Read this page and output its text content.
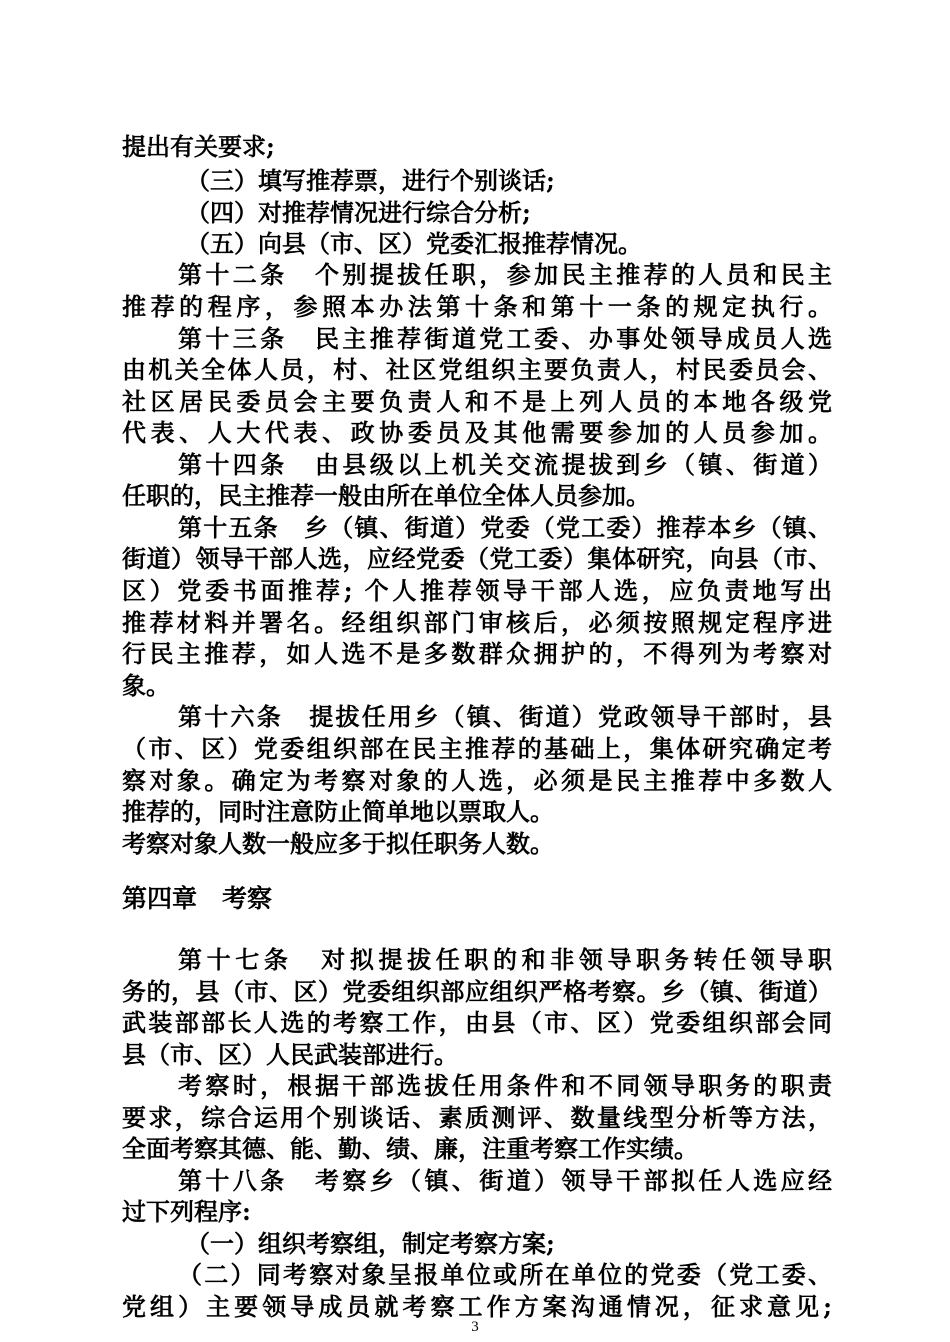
提出有关要求;
（三）填写推荐票，进行个别谈话;
（四）对推荐情况进行综合分析;
（五）向县（市、区）党委汇报推荐情况。
第十二条　个别提拔任职，参加民主推荐的人员和民主
推荐的程序，参照本办法第十条和第十一条的规定执行。
第十三条　民主推荐街道党工委、办事处领导成员人选
由机关全体人员，村、社区党组织主要负责人，村民委员会、
社区居民委员会主要负责人和不是上列人员的本地各级党
代表、人大代表、政协委员及其他需要参加的人员参加。
第十四条　由县级以上机关交流提拔到乡（镇、街道）
任职的，民主推荐一般由所在单位全体人员参加。
第十五条　乡（镇、街道）党委（党工委）推荐本乡（镇、
街道）领导干部人选，应经党委（党工委）集体研究，向县（市、
区）党委书面推荐; 个人推荐领导干部人选，应负责地写出
推荐材料并署名。经组织部门审核后，必须按照规定程序进
行民主推荐，如人选不是多数群众拥护的，不得列为考察对
象。
第十六条　提拔任用乡（镇、街道）党政领导干部时，县
（市、区）党委组织部在民主推荐的基础上，集体研究确定考
察对象。确定为考察对象的人选，必须是民主推荐中多数人
推荐的，同时注意防止简单地以票取人。
考察对象人数一般应多于拟任职务人数。
第四章　考察
第十七条　对拟提拔任职的和非领导职务转任领导职
务的，县（市、区）党委组织部应组织严格考察。乡（镇、街道）
武装部部长人选的考察工作，由县（市、区）党委组织部会同
县（市、区）人民武装部进行。
考察时，根据干部选拔任用条件和不同领导职务的职责
要求，综合运用个别谈话、素质测评、数量线型分析等方法，
全面考察其德、能、勤、绩、廉，注重考察工作实绩。
第十八条　考察乡（镇、街道）领导干部拟任人选应经
过下列程序:
（一）组织考察组，制定考察方案;
（二）同考察对象呈报单位或所在单位的党委（党工委、
党组）主要领导成员就考察工作方案沟通情况，征求意见;
3
